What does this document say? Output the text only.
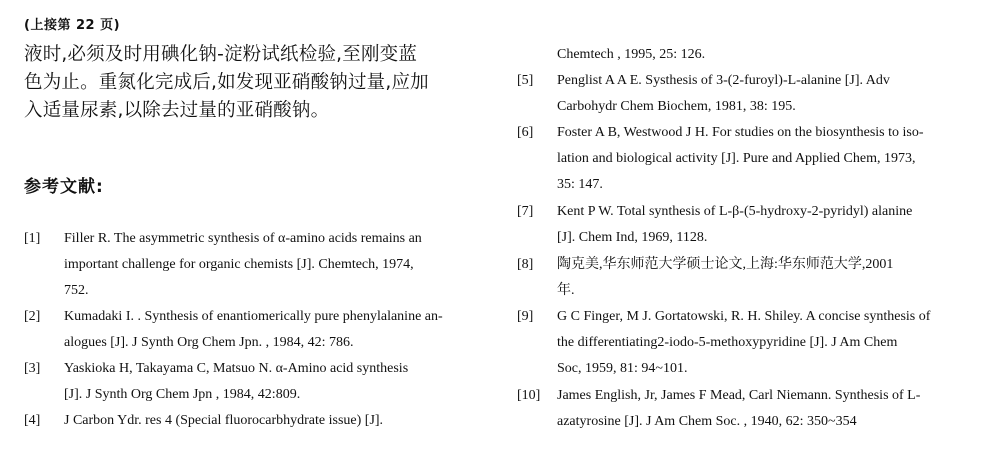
(上接第 22 页)
液时,必须及时用碘化钠-淀粉试纸检验,至刚变蓝
色为止。重氮化完成后,如发现亚硝酸钠过量,应加
入适量尿素,以除去过量的亚硝酸钠。
参考文献:
[1] Filler R. The asymmetric synthesis of α-amino acids remains an
important challenge for organic chemists [J]. Chemtech, 1974,
752.
[2] Kumadaki I. . Synthesis of enantiomerically pure phenylalanine an-
alogues [J]. J Synth Org Chem Jpn. , 1984, 42: 786.
[3] Yaskioka H, Takayama C, Matsuo N. α-Amino acid synthesis
[J]. J Synth Org Chem Jpn , 1984, 42:809.
[4] J Carbon Ydr. res 4 (Special fluorocarbhydrate issue) [J].
Chemtech , 1995, 25: 126.
[5] Penglist A A E. Systhesis of 3-(2-furoyl)-L-alanine [J]. Adv
Carbohydr Chem Biochem, 1981, 38: 195.
[6] Foster A B, Westwood J H. For studies on the biosynthesis to iso-
lation and biological activity [J]. Pure and Applied Chem, 1973,
35: 147.
[7] Kent P W. Total synthesis of L-β-(5-hydroxy-2-pyridyl) alanine
[J]. Chem Ind, 1969, 1128.
[8] 陶克美,华东师范大学硕士论文,上海:华东师范大学,2001
年.
[9] G C Finger, M J. Gortatowski, R. H. Shiley. A concise synthesis of
the differentiating2-iodo-5-methoxypyridine [J]. J Am Chem
Soc, 1959, 81: 94~101.
[10] James English, Jr, James F Mead, Carl Niemann. Synthesis of L-
azatyrosine [J]. J Am Chem Soc. , 1940, 62: 350~354
